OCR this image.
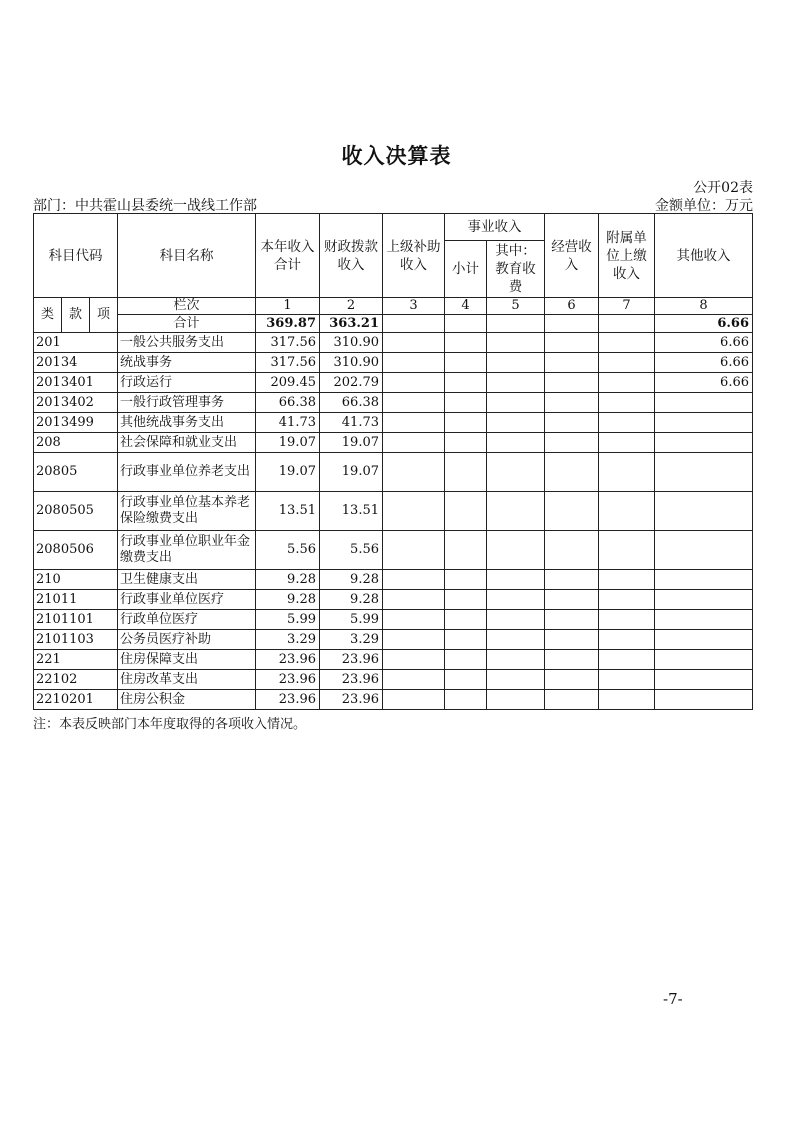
收入决算表
公开02表
部门：中共霍山县委统一战线工作部	金额单位：万元
科目代码			科目名称	本年收入合计	财政拨款收入	上级补助收入	事业收入		经营收入	附属单位上缴收入	其他收入
							小计	其中：教育收费			
类	款	项	栏次	1	2	3	4	5	6	7	8
			合计	369.87	363.21						6.66
201			一般公共服务支出	317.56	310.90						6.66
20134			统战事务	317.56	310.90						6.66
2013401			行政运行	209.45	202.79						6.66
2013402			一般行政管理事务	66.38	66.38						
2013499			其他统战事务支出	41.73	41.73						
208			社会保障和就业支出	19.07	19.07						
20805			行政事业单位养老支出	19.07	19.07						
2080505			行政事业单位基本养老保险缴费支出	13.51	13.51						
2080506			行政事业单位职业年金缴费支出	5.56	5.56						
210			卫生健康支出	9.28	9.28						
21011			行政事业单位医疗	9.28	9.28						
2101101			行政单位医疗	5.99	5.99						
2101103			公务员医疗补助	3.29	3.29						
221			住房保障支出	23.96	23.96						
22102			住房改革支出	23.96	23.96						
2210201			住房公积金	23.96	23.96						
注：本表反映部门本年度取得的各项收入情况。
-7-
